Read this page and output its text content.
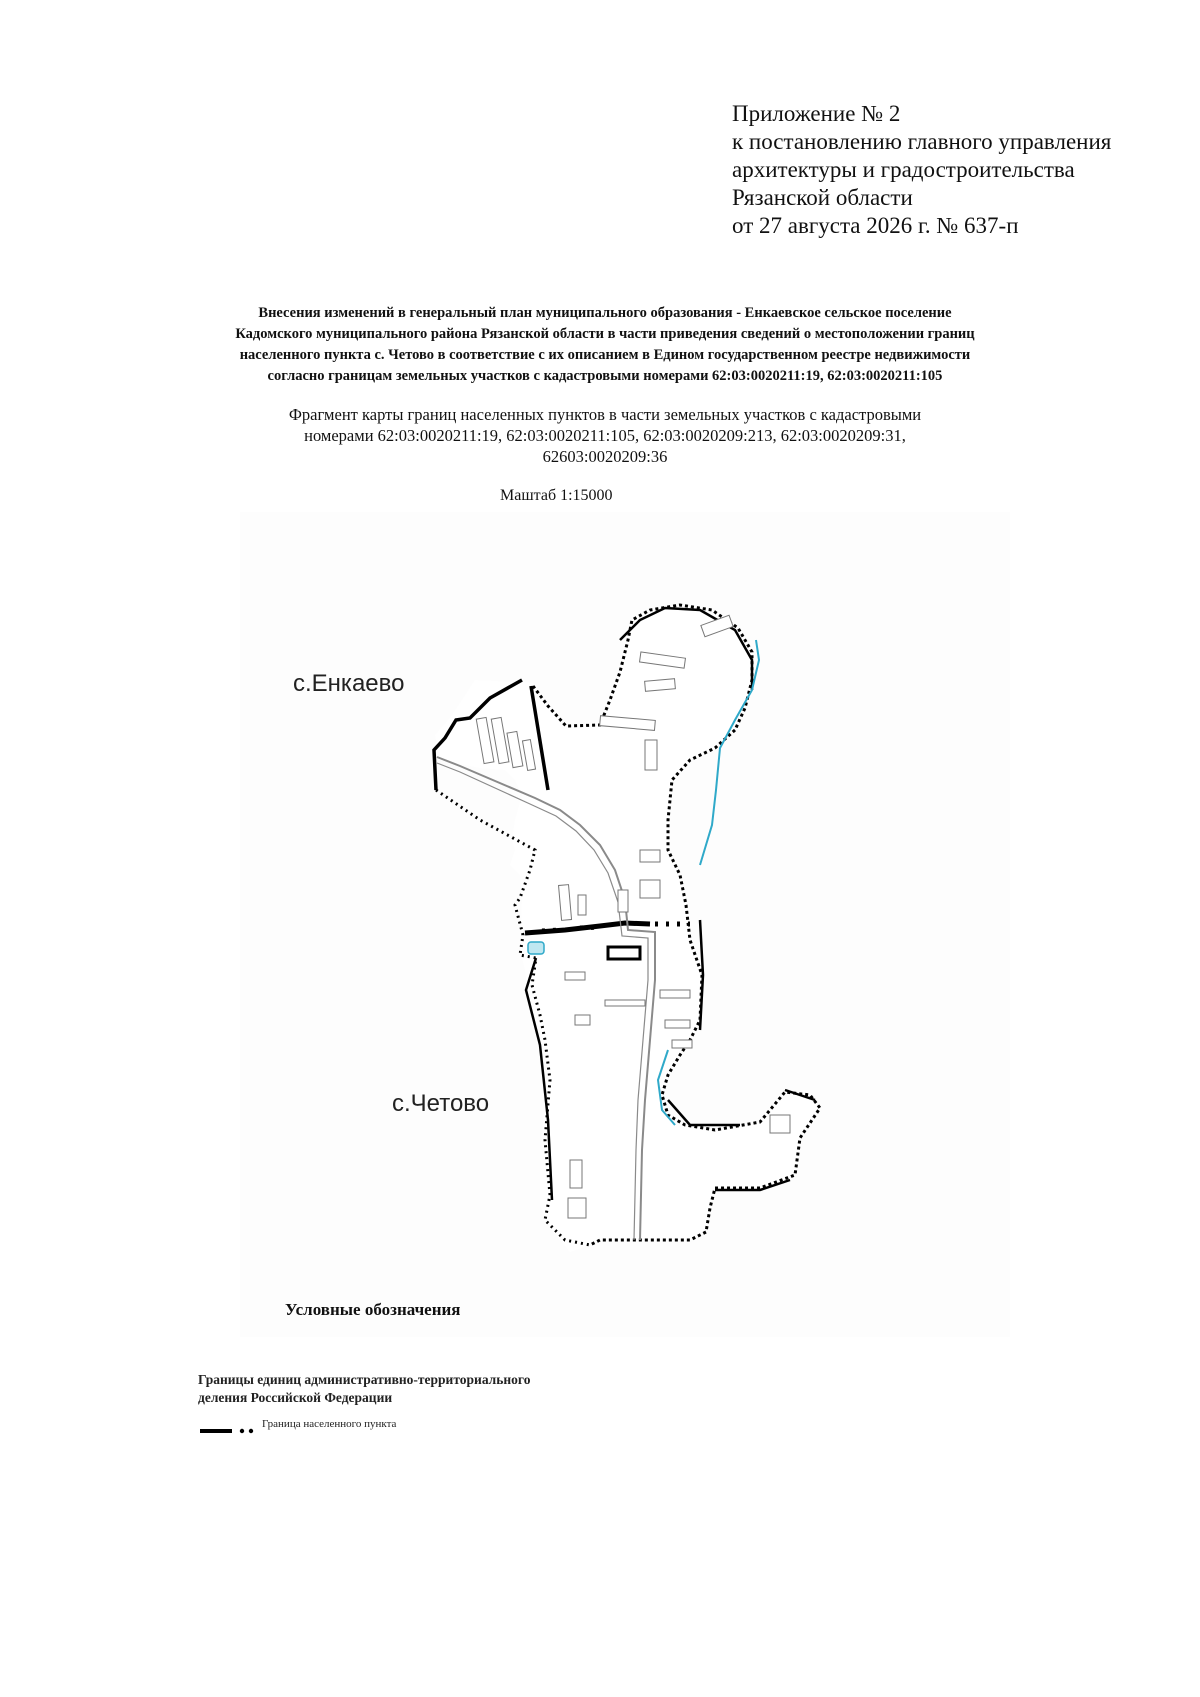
Приложение № 2
к постановлению главного управления
архитектуры и градостроительства
Рязанской области
от 27 августа 2026 г. № 637-п
Внесения изменений в генеральный план муниципального образования - Енкаевское сельское поселение
Кадомского муниципального района Рязанской области в части приведения сведений о местоположении границ
населенного пункта с. Четово в соответствие с их описанием в Едином государственном реестре недвижимости
согласно границам земельных участков с кадастровыми номерами 62:03:0020211:19, 62:03:0020211:105
Фрагмент карты границ населенных пунктов в части земельных участков с кадастровыми
номерами 62:03:0020211:19, 62:03:0020211:105, 62:03:0020209:213, 62:03:0020209:31,
62603:0020209:36
Маштаб 1:15000
с.Енкаево
с.Четово
Условные обозначения
Границы единиц административно-территориального
деления Российской Федерации
Граница населенного пункта
